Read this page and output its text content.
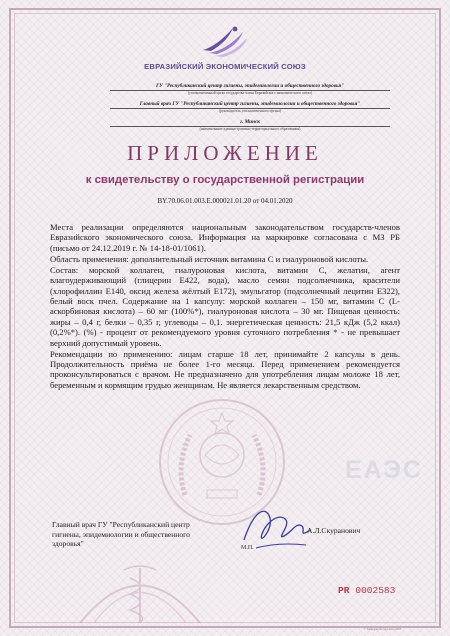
ЕВРАЗИЙСКИЙ ЭКОНОМИЧЕСКИЙ СОЮЗ
ГУ "Республиканский центр гигиены, эпидемиологии и общественного здоровья"
(уполномоченный орган государства-члена Евразийского экономического союза)
Главный врач ГУ "Республиканский центр гигиены, эпидемиологии и общественного здоровья"
(руководитель уполномоченного органа)
г. Минск
(наименование административно-территориального образования)
ПРИЛОЖЕНИЕ
к свидетельству о государственной регистрации
BY.70.06.01.003.Е.000021.01.20 от 04.01.2020
ЕАЭС

Места реализации определяются национальным законодательством государств-членов Евразийского экономического союза. Информация на маркировке согласована с МЗ РБ (письмо от 24.12.2019 г. № 14-18-01/1061).

Область применения: дополнительный источник витамина С и гиалуроновой кислоты.

Состав: морской коллаген, гиалуроновая кислота, витамин С, желатин, агент влагоудерживающий (глицерин Е422, вода), масло семян подсолнечника, красители (хлорофиллин Е140, оксид железа жёлтый Е172), эмульгатор (подсолнечный лецитин Е322), белый воск пчел. Содержание на 1 капсулу: морской коллаген – 150 мг, витамин С (L-аскорбиновая кислота) – 60 мг (100%*), гиалуроновая кислота – 30 мг. Пищевая ценность: жиры – 0,4 г, белки – 0,35 г, углеводы – 0,1. энергетическая ценность: 21,5 кДж (5,2 ккал) (0,2%*). (%) - процент от рекомендуемого уровня суточного потребления * - не превышает верхний допустимый уровень.

Рекомендации по применению: лицам старше 18 лет, принимайте 2 капсулы в день. Продолжительность приёма не более 1-го месяца. Перед применением рекомендуется проконсультироваться с врачом. Не предназначено для употребления лицам моложе 18 лет, беременным и кормящим грудью женщинам. Не является лекарственным средством.

Главный врач ГУ "Республиканский центр
гигиены, эпидемиологии и общественного
здоровья"
А.Л.Скуранович
М.П.
PR 0002583
© Хайндрич Ресурсгрупп 2018
